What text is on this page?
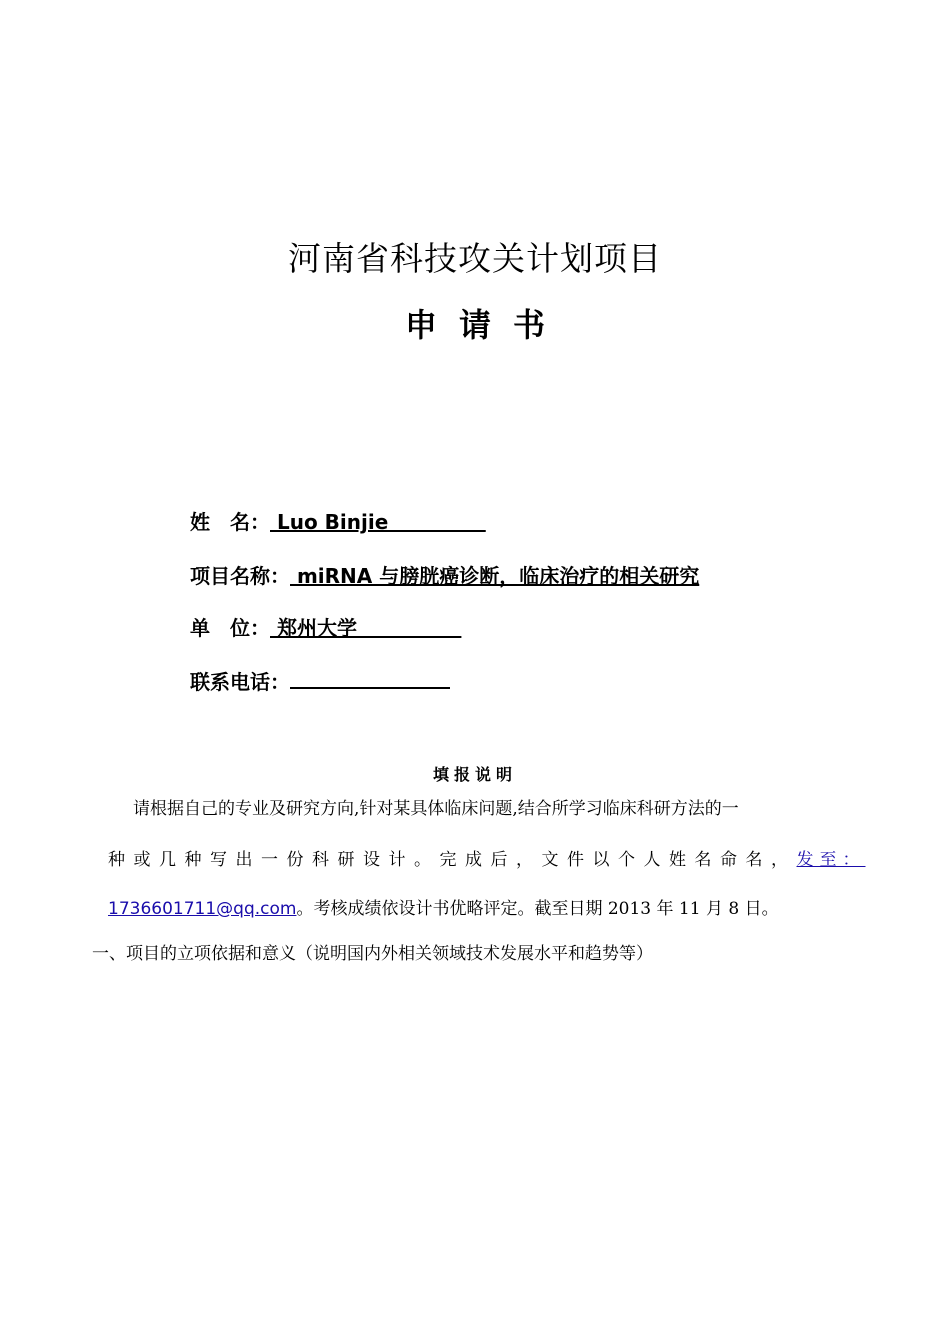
河南省科技攻关计划项目
申请书
姓　名： Luo Binjie
项目名称： miRNA 与膀胱癌诊断，临床治疗的相关研究
单　位： 郑州大学
联系电话：
填报说明
请根据自己的专业及研究方向,针对某具体临床问题,结合所学习临床科研方法的一
种或几种写出一份科研设计。完成后，文件以个人姓名命名， 发至：
1736601711@qq.com。考核成绩依设计书优略评定。截至日期 2013 年 11 月 8 日。
一、项目的立项依据和意义（说明国内外相关领域技术发展水平和趋势等）
